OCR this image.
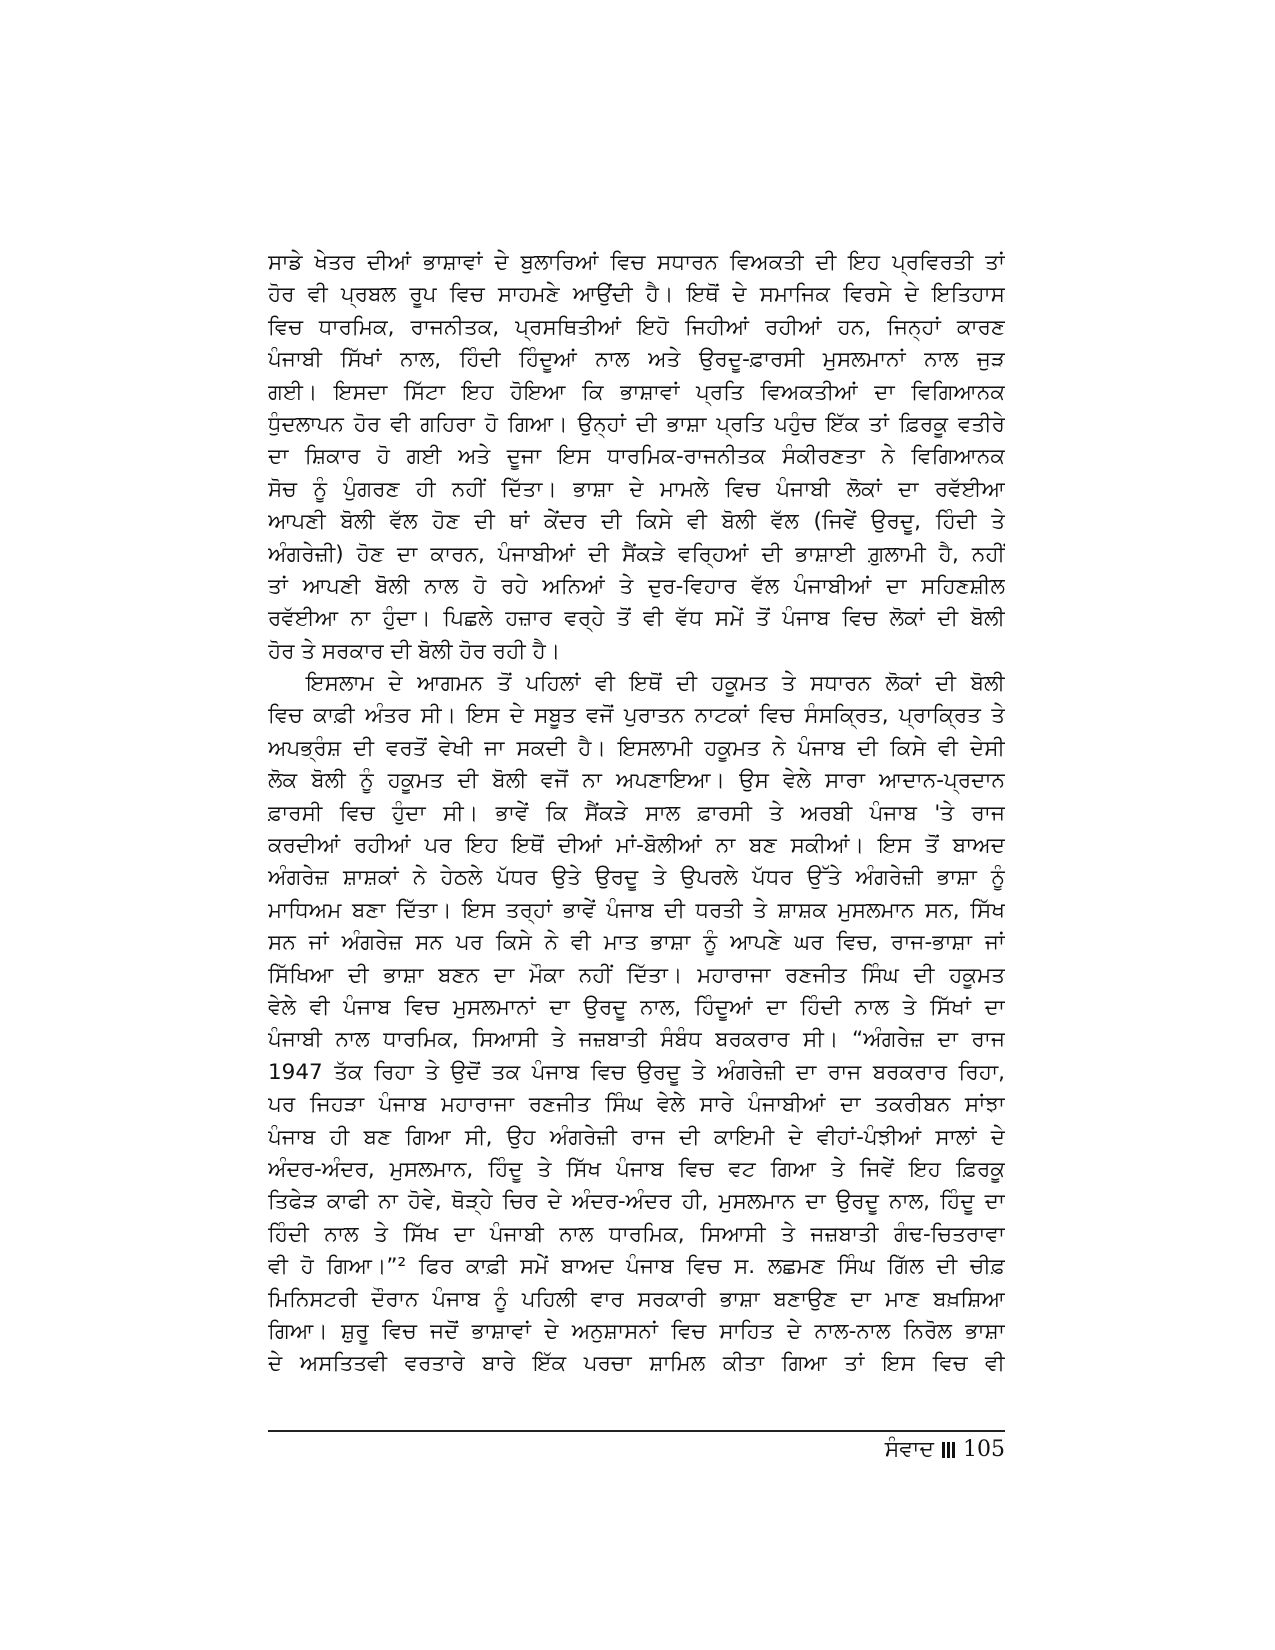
ਸਾਡੇ ਖੇਤਰ ਦੀਆਂ ਭਾਸ਼ਾਵਾਂ ਦੇ ਬੁਲਾਰਿਆਂ ਵਿਚ ਸਧਾਰਨ ਵਿਅਕਤੀ ਦੀ ਇਹ ਪ੍ਰਵਿਰਤੀ ਤਾਂ
ਹੋਰ ਵੀ ਪ੍ਰਬਲ ਰੂਪ ਵਿਚ ਸਾਹਮਣੇ ਆਉਂਦੀ ਹੈ। ਇਥੋਂ ਦੇ ਸਮਾਜਿਕ ਵਿਰਸੇ ਦੇ ਇਤਿਹਾਸ
ਵਿਚ ਧਾਰਮਿਕ, ਰਾਜਨੀਤਕ, ਪ੍ਰਸਥਿਤੀਆਂ ਇਹੋ ਜਿਹੀਆਂ ਰਹੀਆਂ ਹਨ, ਜਿਨ੍ਹਾਂ ਕਾਰਣ
ਪੰਜਾਬੀ ਸਿੱਖਾਂ ਨਾਲ, ਹਿੰਦੀ ਹਿੰਦੂਆਂ ਨਾਲ ਅਤੇ ਉਰਦੂ-ਫ਼ਾਰਸੀ ਮੁਸਲਮਾਨਾਂ ਨਾਲ ਜੁੜ
ਗਈ। ਇਸਦਾ ਸਿੱਟਾ ਇਹ ਹੋਇਆ ਕਿ ਭਾਸ਼ਾਵਾਂ ਪ੍ਰਤਿ ਵਿਅਕਤੀਆਂ ਦਾ ਵਿਗਿਆਨਕ
ਧੁੰਦਲਾਪਨ ਹੋਰ ਵੀ ਗਹਿਰਾ ਹੋ ਗਿਆ। ਉਨ੍ਹਾਂ ਦੀ ਭਾਸ਼ਾ ਪ੍ਰਤਿ ਪਹੁੰਚ ਇੱਕ ਤਾਂ ਫ਼ਿਰਕੂ ਵਤੀਰੇ
ਦਾ ਸ਼ਿਕਾਰ ਹੋ ਗਈ ਅਤੇ ਦੂਜਾ ਇਸ ਧਾਰਮਿਕ-ਰਾਜਨੀਤਕ ਸੰਕੀਰਣਤਾ ਨੇ ਵਿਗਿਆਨਕ
ਸੋਚ ਨੂੰ ਪੁੰਗਰਣ ਹੀ ਨਹੀਂ ਦਿੱਤਾ। ਭਾਸ਼ਾ ਦੇ ਮਾਮਲੇ ਵਿਚ ਪੰਜਾਬੀ ਲੋਕਾਂ ਦਾ ਰਵੱਈਆ
ਆਪਣੀ ਬੋਲੀ ਵੱਲ ਹੋਣ ਦੀ ਥਾਂ ਕੇਂਦਰ ਦੀ ਕਿਸੇ ਵੀ ਬੋਲੀ ਵੱਲ (ਜਿਵੇਂ ਉਰਦੂ, ਹਿੰਦੀ ਤੇ
ਅੰਗਰੇਜ਼ੀ) ਹੋਣ ਦਾ ਕਾਰਨ, ਪੰਜਾਬੀਆਂ ਦੀ ਸੈਂਕੜੇ ਵਰ੍ਹਿਆਂ ਦੀ ਭਾਸ਼ਾਈ ਗ਼ੁਲਾਮੀ ਹੈ, ਨਹੀਂ
ਤਾਂ ਆਪਣੀ ਬੋਲੀ ਨਾਲ ਹੋ ਰਹੇ ਅਨਿਆਂ ਤੇ ਦੁਰ-ਵਿਹਾਰ ਵੱਲ ਪੰਜਾਬੀਆਂ ਦਾ ਸਹਿਣਸ਼ੀਲ
ਰਵੱਈਆ ਨਾ ਹੁੰਦਾ। ਪਿਛਲੇ ਹਜ਼ਾਰ ਵਰ੍ਹੇ ਤੋਂ ਵੀ ਵੱਧ ਸਮੇਂ ਤੋਂ ਪੰਜਾਬ ਵਿਚ ਲੋਕਾਂ ਦੀ ਬੋਲੀ
ਹੋਰ ਤੇ ਸਰਕਾਰ ਦੀ ਬੋਲੀ ਹੋਰ ਰਹੀ ਹੈ।
ਇਸਲਾਮ ਦੇ ਆਗਮਨ ਤੋਂ ਪਹਿਲਾਂ ਵੀ ਇਥੋਂ ਦੀ ਹਕੂਮਤ ਤੇ ਸਧਾਰਨ ਲੋਕਾਂ ਦੀ ਬੋਲੀ
ਵਿਚ ਕਾਫ਼ੀ ਅੰਤਰ ਸੀ। ਇਸ ਦੇ ਸਬੂਤ ਵਜੋਂ ਪੁਰਾਤਨ ਨਾਟਕਾਂ ਵਿਚ ਸੰਸਕ੍ਰਿਤ, ਪ੍ਰਾਕ੍ਰਿਤ ਤੇ
ਅਪਭ੍ਰੰਸ਼ ਦੀ ਵਰਤੋਂ ਵੇਖੀ ਜਾ ਸਕਦੀ ਹੈ। ਇਸਲਾਮੀ ਹਕੂਮਤ ਨੇ ਪੰਜਾਬ ਦੀ ਕਿਸੇ ਵੀ ਦੇਸੀ
ਲੋਕ ਬੋਲੀ ਨੂੰ ਹਕੂਮਤ ਦੀ ਬੋਲੀ ਵਜੋਂ ਨਾ ਅਪਣਾਇਆ। ਉਸ ਵੇਲੇ ਸਾਰਾ ਆਦਾਨ-ਪ੍ਰਦਾਨ
ਫ਼ਾਰਸੀ ਵਿਚ ਹੁੰਦਾ ਸੀ। ਭਾਵੇਂ ਕਿ ਸੈਂਕੜੇ ਸਾਲ ਫ਼ਾਰਸੀ ਤੇ ਅਰਬੀ ਪੰਜਾਬ 'ਤੇ ਰਾਜ
ਕਰਦੀਆਂ ਰਹੀਆਂ ਪਰ ਇਹ ਇਥੋਂ ਦੀਆਂ ਮਾਂ-ਬੋਲੀਆਂ ਨਾ ਬਣ ਸਕੀਆਂ। ਇਸ ਤੋਂ ਬਾਅਦ
ਅੰਗਰੇਜ਼ ਸ਼ਾਸ਼ਕਾਂ ਨੇ ਹੇਠਲੇ ਪੱਧਰ ਉਤੇ ਉਰਦੂ ਤੇ ਉਪਰਲੇ ਪੱਧਰ ਉੱਤੇ ਅੰਗਰੇਜ਼ੀ ਭਾਸ਼ਾ ਨੂੰ
ਮਾਧਿਅਮ ਬਣਾ ਦਿੱਤਾ। ਇਸ ਤਰ੍ਹਾਂ ਭਾਵੇਂ ਪੰਜਾਬ ਦੀ ਧਰਤੀ ਤੇ ਸ਼ਾਸ਼ਕ ਮੁਸਲਮਾਨ ਸਨ, ਸਿੱਖ
ਸਨ ਜਾਂ ਅੰਗਰੇਜ਼ ਸਨ ਪਰ ਕਿਸੇ ਨੇ ਵੀ ਮਾਤ ਭਾਸ਼ਾ ਨੂੰ ਆਪਣੇ ਘਰ ਵਿਚ, ਰਾਜ-ਭਾਸ਼ਾ ਜਾਂ
ਸਿੱਖਿਆ ਦੀ ਭਾਸ਼ਾ ਬਣਨ ਦਾ ਮੌਕਾ ਨਹੀਂ ਦਿੱਤਾ। ਮਹਾਰਾਜਾ ਰਣਜੀਤ ਸਿੰਘ ਦੀ ਹਕੂਮਤ
ਵੇਲੇ ਵੀ ਪੰਜਾਬ ਵਿਚ ਮੁਸਲਮਾਨਾਂ ਦਾ ਉਰਦੂ ਨਾਲ, ਹਿੰਦੂਆਂ ਦਾ ਹਿੰਦੀ ਨਾਲ ਤੇ ਸਿੱਖਾਂ ਦਾ
ਪੰਜਾਬੀ ਨਾਲ ਧਾਰਮਿਕ, ਸਿਆਸੀ ਤੇ ਜਜ਼ਬਾਤੀ ਸੰਬੰਧ ਬਰਕਰਾਰ ਸੀ। “ਅੰਗਰੇਜ਼ ਦਾ ਰਾਜ
1947 ਤੱਕ ਰਿਹਾ ਤੇ ਉਦੋਂ ਤਕ ਪੰਜਾਬ ਵਿਚ ਉਰਦੂ ਤੇ ਅੰਗਰੇਜ਼ੀ ਦਾ ਰਾਜ ਬਰਕਰਾਰ ਰਿਹਾ,
ਪਰ ਜਿਹੜਾ ਪੰਜਾਬ ਮਹਾਰਾਜਾ ਰਣਜੀਤ ਸਿੰਘ ਵੇਲੇ ਸਾਰੇ ਪੰਜਾਬੀਆਂ ਦਾ ਤਕਰੀਬਨ ਸਾਂਝਾ
ਪੰਜਾਬ ਹੀ ਬਣ ਗਿਆ ਸੀ, ਉਹ ਅੰਗਰੇਜ਼ੀ ਰਾਜ ਦੀ ਕਾਇਮੀ ਦੇ ਵੀਹਾਂ-ਪੰਝੀਆਂ ਸਾਲਾਂ ਦੇ
ਅੰਦਰ-ਅੰਦਰ, ਮੁਸਲਮਾਨ, ਹਿੰਦੂ ਤੇ ਸਿੱਖ ਪੰਜਾਬ ਵਿਚ ਵਟ ਗਿਆ ਤੇ ਜਿਵੇਂ ਇਹ ਫ਼ਿਰਕੂ
ਤਿਫੇੜ ਕਾਫੀ ਨਾ ਹੋਵੇ, ਥੋੜ੍ਹੇ ਚਿਰ ਦੇ ਅੰਦਰ-ਅੰਦਰ ਹੀ, ਮੁਸਲਮਾਨ ਦਾ ਉਰਦੂ ਨਾਲ, ਹਿੰਦੂ ਦਾ
ਹਿੰਦੀ ਨਾਲ ਤੇ ਸਿੱਖ ਦਾ ਪੰਜਾਬੀ ਨਾਲ ਧਾਰਮਿਕ, ਸਿਆਸੀ ਤੇ ਜਜ਼ਬਾਤੀ ਗੰਢ-ਚਿਤਰਾਵਾ
ਵੀ ਹੋ ਗਿਆ।”² ਫਿਰ ਕਾਫ਼ੀ ਸਮੇਂ ਬਾਅਦ ਪੰਜਾਬ ਵਿਚ ਸ. ਲਛਮਣ ਸਿੰਘ ਗਿੱਲ ਦੀ ਚੀਫ਼
ਮਿਨਿਸਟਰੀ ਦੌਰਾਨ ਪੰਜਾਬ ਨੂੰ ਪਹਿਲੀ ਵਾਰ ਸਰਕਾਰੀ ਭਾਸ਼ਾ ਬਣਾਉਣ ਦਾ ਮਾਣ ਬਖ਼ਸ਼ਿਆ
ਗਿਆ। ਸ਼ੁਰੂ ਵਿਚ ਜਦੋਂ ਭਾਸ਼ਾਵਾਂ ਦੇ ਅਨੁਸ਼ਾਸਨਾਂ ਵਿਚ ਸਾਹਿਤ ਦੇ ਨਾਲ-ਨਾਲ ਨਿਰੋਲ ਭਾਸ਼ਾ
ਦੇ ਅਸਤਿਤਵੀ ਵਰਤਾਰੇ ਬਾਰੇ ਇੱਕ ਪਰਚਾ ਸ਼ਾਮਿਲ ਕੀਤਾ ਗਿਆ ਤਾਂ ਇਸ ਵਿਚ ਵੀ
ਸੰਵਾਦ 105
